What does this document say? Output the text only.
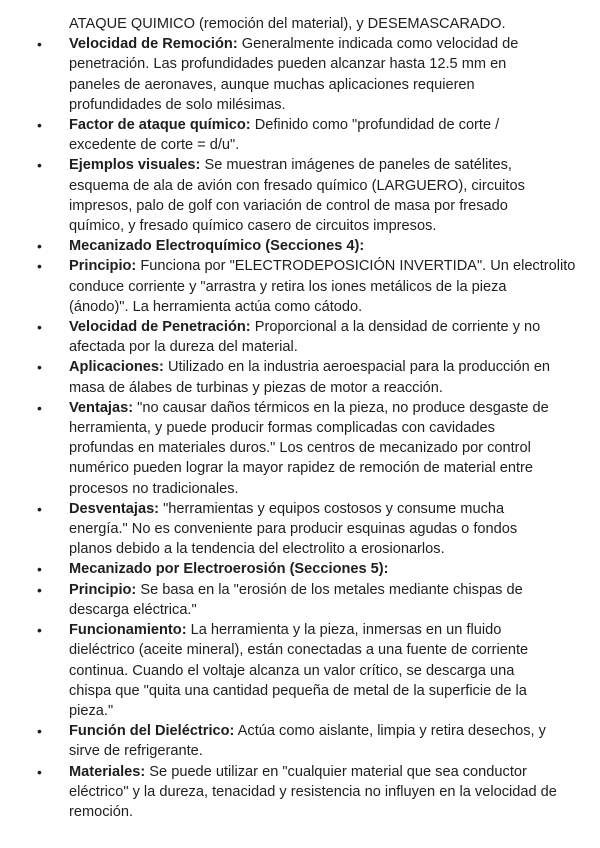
ATAQUE QUIMICO (remoción del material), y DESEMASCARADO.
• Velocidad de Remoción: Generalmente indicada como velocidad de
penetración. Las profundidades pueden alcanzar hasta 12.5 mm en
paneles de aeronaves, aunque muchas aplicaciones requieren
profundidades de solo milésimas.
• Factor de ataque químico: Definido como "profundidad de corte /
excedente de corte = d/u".
• Ejemplos visuales: Se muestran imágenes de paneles de satélites,
esquema de ala de avión con fresado químico (LARGUERO), circuitos
impresos, palo de golf con variación de control de masa por fresado
químico, y fresado químico casero de circuitos impresos.
• Mecanizado Electroquímico (Secciones 4):
• Principio: Funciona por "ELECTRODEPOSICIÓN INVERTIDA". Un electrolito
conduce corriente y "arrastra y retira los iones metálicos de la pieza
(ánodo)". La herramienta actúa como cátodo.
• Velocidad de Penetración: Proporcional a la densidad de corriente y no
afectada por la dureza del material.
• Aplicaciones: Utilizado en la industria aeroespacial para la producción en
masa de álabes de turbinas y piezas de motor a reacción.
• Ventajas: "no causar daños térmicos en la pieza, no produce desgaste de
herramienta, y puede producir formas complicadas con cavidades
profundas en materiales duros." Los centros de mecanizado por control
numérico pueden lograr la mayor rapidez de remoción de material entre
procesos no tradicionales.
• Desventajas: "herramientas y equipos costosos y consume mucha
energía." No es conveniente para producir esquinas agudas o fondos
planos debido a la tendencia del electrolito a erosionarlos.
• Mecanizado por Electroerosión (Secciones 5):
• Principio: Se basa en la "erosión de los metales mediante chispas de
descarga eléctrica."
• Funcionamiento: La herramienta y la pieza, inmersas en un fluido
dieléctrico (aceite mineral), están conectadas a una fuente de corriente
continua. Cuando el voltaje alcanza un valor crítico, se descarga una
chispa que "quita una cantidad pequeña de metal de la superficie de la
pieza."
• Función del Dieléctrico: Actúa como aislante, limpia y retira desechos, y
sirve de refrigerante.
• Materiales: Se puede utilizar en "cualquier material que sea conductor
eléctrico" y la dureza, tenacidad y resistencia no influyen en la velocidad de
remoción.
